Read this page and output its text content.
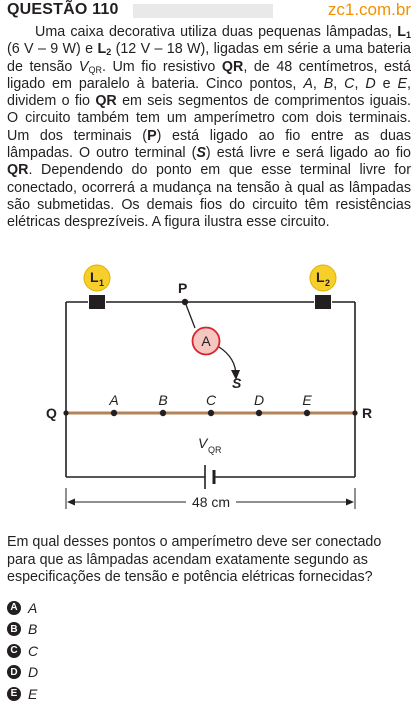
QUESTÃO 110	zc1.com.br

Uma caixa decorativa utiliza duas pequenas lâmpadas, $L_1$ (6 V – 9 W) e $L_2$ (12 V – 18 W), ligadas em série a uma bateria de tensão $V_{QR}$. Um fio resistivo QR, de 48 centímetros, está ligado em paralelo à bateria. Cinco pontos, A, B, C, D e E, dividem o fio QR em seis segmentos de comprimentos iguais. O circuito também tem um amperímetro com dois terminais. Um dos terminais (P) está ligado ao fio entre as duas lâmpadas. O outro terminal (S) está livre e será ligado ao fio QR. Dependendo do ponto em que esse terminal livre for conectado, ocorrerá a mudança na tensão à qual as lâmpadas são submetidas. Os demais fios do circuito têm resistências elétricas desprezíveis. A figura ilustra esse circuito.

L 1	L 2
P
A
S
Q	R
A	B	C	D	E
V QR
48 cm
Em qual desses pontos o amperímetro deve ser conectado para que as lâmpadas acendam exatamente segundo as especificações de tensão e potência elétricas fornecidas?
A A
B B
C C
D D
E E
